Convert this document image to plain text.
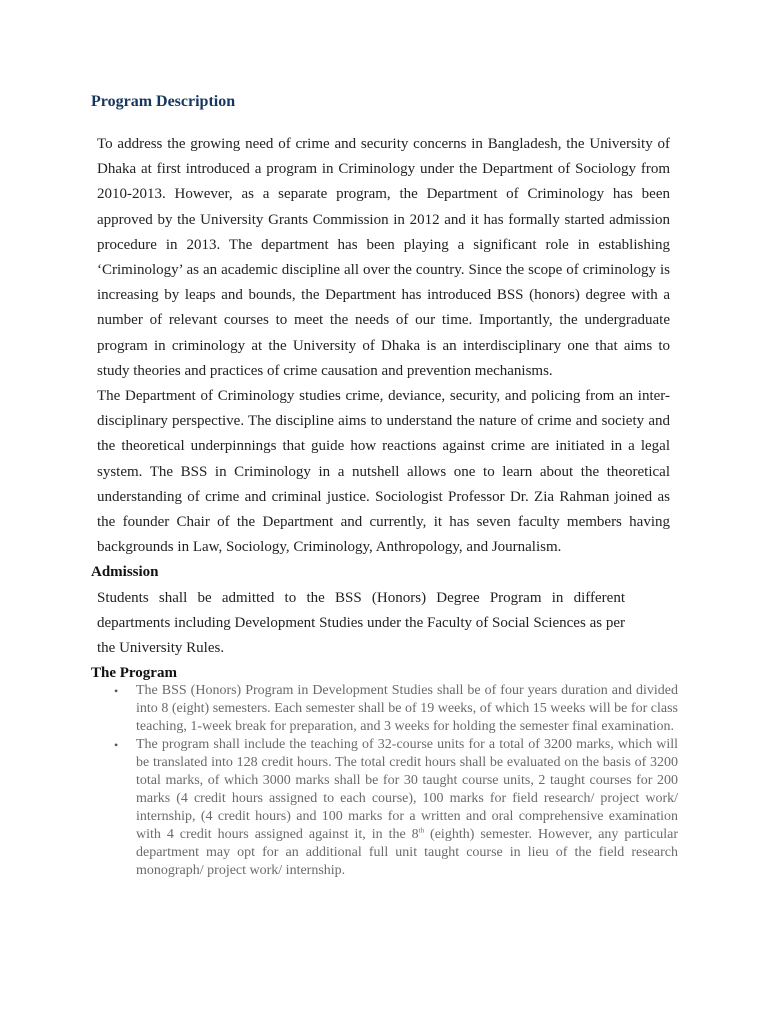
Program Description

To address the growing need of crime and security concerns in Bangladesh, the University of Dhaka at first introduced a program in Criminology under the Department of Sociology from 2010-2013. However, as a separate program, the Department of Criminology has been approved by the University Grants Commission in 2012 and it has formally started admission procedure in 2013. The department has been playing a significant role in establishing ‘Criminology’ as an academic discipline all over the country. Since the scope of criminology is increasing by leaps and bounds, the Department has introduced BSS (honors) degree with a number of relevant courses to meet the needs of our time. Importantly, the undergraduate program in criminology at the University of Dhaka is an interdisciplinary one that aims to study theories and practices of crime causation and prevention mechanisms.

The Department of Criminology studies crime, deviance, security, and policing from an inter-disciplinary perspective. The discipline aims to understand the nature of crime and society and the theoretical underpinnings that guide how reactions against crime are initiated in a legal system. The BSS in Criminology in a nutshell allows one to learn about the theoretical understanding of crime and criminal justice. Sociologist Professor Dr. Zia Rahman joined as the founder Chair of the Department and currently, it has seven faculty members having backgrounds in Law, Sociology, Criminology, Anthropology, and Journalism.

Admission

Students shall be admitted to the BSS (Honors) Degree Program in different departments including Development Studies under the Faculty of Social Sciences as per the University Rules.

The Program
• The BSS (Honors) Program in Development Studies shall be of four years duration and divided into 8 (eight) semesters. Each semester shall be of 19 weeks, of which 15 weeks will be for class teaching, 1-week break for preparation, and 3 weeks for holding the semester final examination.
• The program shall include the teaching of 32-course units for a total of 3200 marks, which will be translated into 128 credit hours. The total credit hours shall be evaluated on the basis of 3200 total marks, of which 3000 marks shall be for 30 taught course units, 2 taught courses for 200 marks (4 credit hours assigned to each course), 100 marks for field research/ project work/ internship, (4 credit hours) and 100 marks for a written and oral comprehensive examination with 4 credit hours assigned against it, in the 8th (eighth) semester. However, any particular department may opt for an additional full unit taught course in lieu of the field research monograph/ project work/ internship.
